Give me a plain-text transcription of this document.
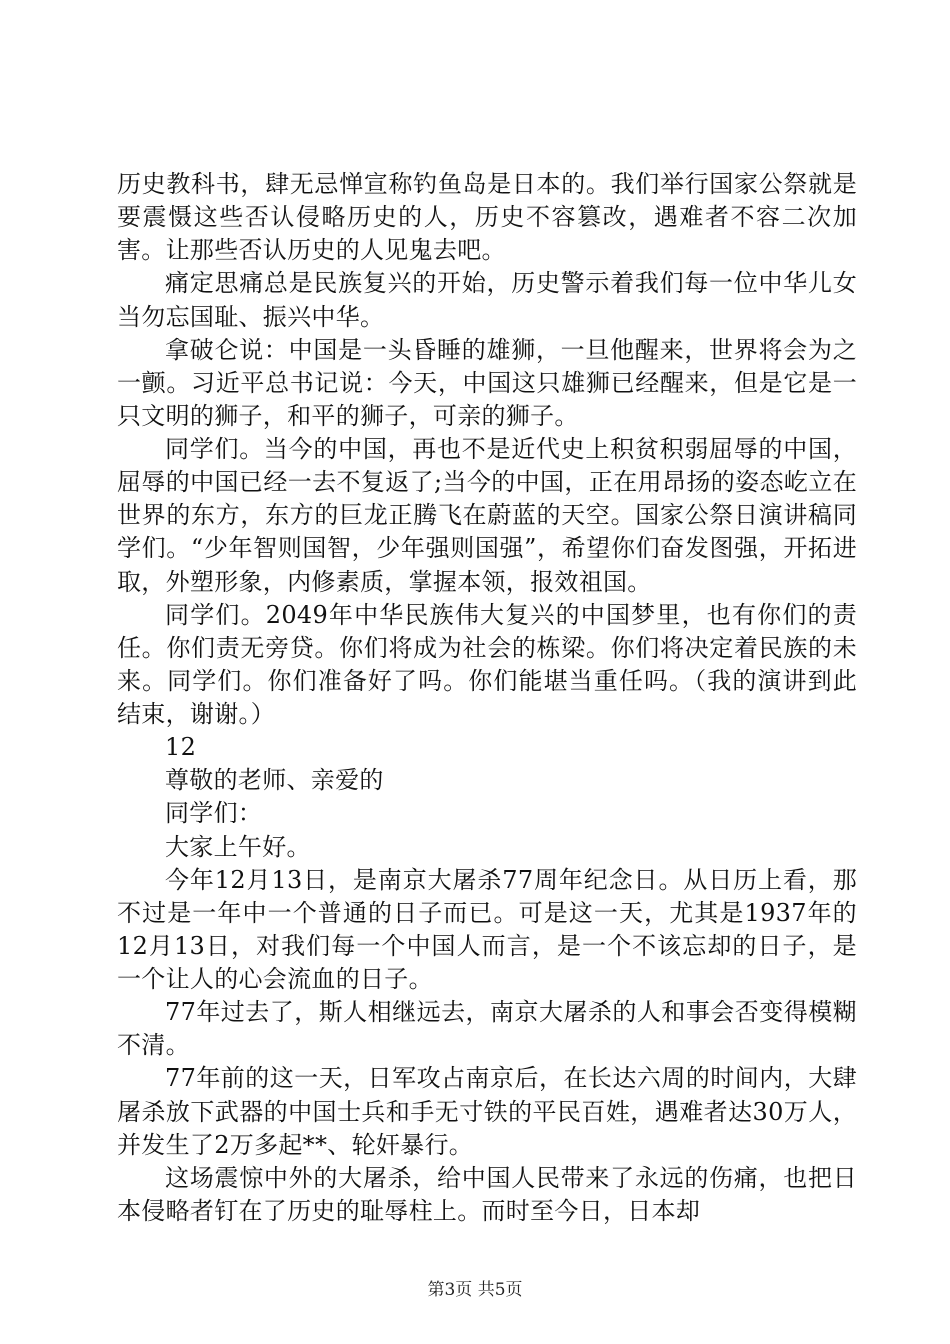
历史教科书，肆无忌惮宣称钓鱼岛是日本的。我们举行国家公祭就是要震慑这些否认侵略历史的人，历史不容篡改，遇难者不容二次加害。让那些否认历史的人见鬼去吧。

痛定思痛总是民族复兴的开始，历史警示着我们每一位中华儿女当勿忘国耻、振兴中华。

拿破仑说：中国是一头昏睡的雄狮，一旦他醒来，世界将会为之一颤。习近平总书记说：今天，中国这只雄狮已经醒来，但是它是一只文明的狮子，和平的狮子，可亲的狮子。

同学们。当今的中国，再也不是近代史上积贫积弱屈辱的中国，屈辱的中国已经一去不复返了;当今的中国，正在用昂扬的姿态屹立在世界的东方，东方的巨龙正腾飞在蔚蓝的天空。国家公祭日演讲稿同学们。“少年智则国智，少年强则国强”，希望你们奋发图强，开拓进取，外塑形象，内修素质，掌握本领，报效祖国。

同学们。2049年中华民族伟大复兴的中国梦里，也有你们的责任。你们责无旁贷。你们将成为社会的栋梁。你们将决定着民族的未来。同学们。你们准备好了吗。你们能堪当重任吗。（我的演讲到此结束，谢谢。）

12

尊敬的老师、亲爱的

同学们：

大家上午好。

今年12月13日，是南京大屠杀77周年纪念日。从日历上看，那不过是一年中一个普通的日子而已。可是这一天，尤其是1937年的12月13日，对我们每一个中国人而言，是一个不该忘却的日子，是一个让人的心会流血的日子。

77年过去了，斯人相继远去，南京大屠杀的人和事会否变得模糊不清。

77年前的这一天，日军攻占南京后，在长达六周的时间内，大肆屠杀放下武器的中国士兵和手无寸铁的平民百姓，遇难者达30万人，并发生了2万多起**、轮奸暴行。

这场震惊中外的大屠杀，给中国人民带来了永远的伤痛，也把日本侵略者钉在了历史的耻辱柱上。而时至今日，日本却

第3页 共5页
